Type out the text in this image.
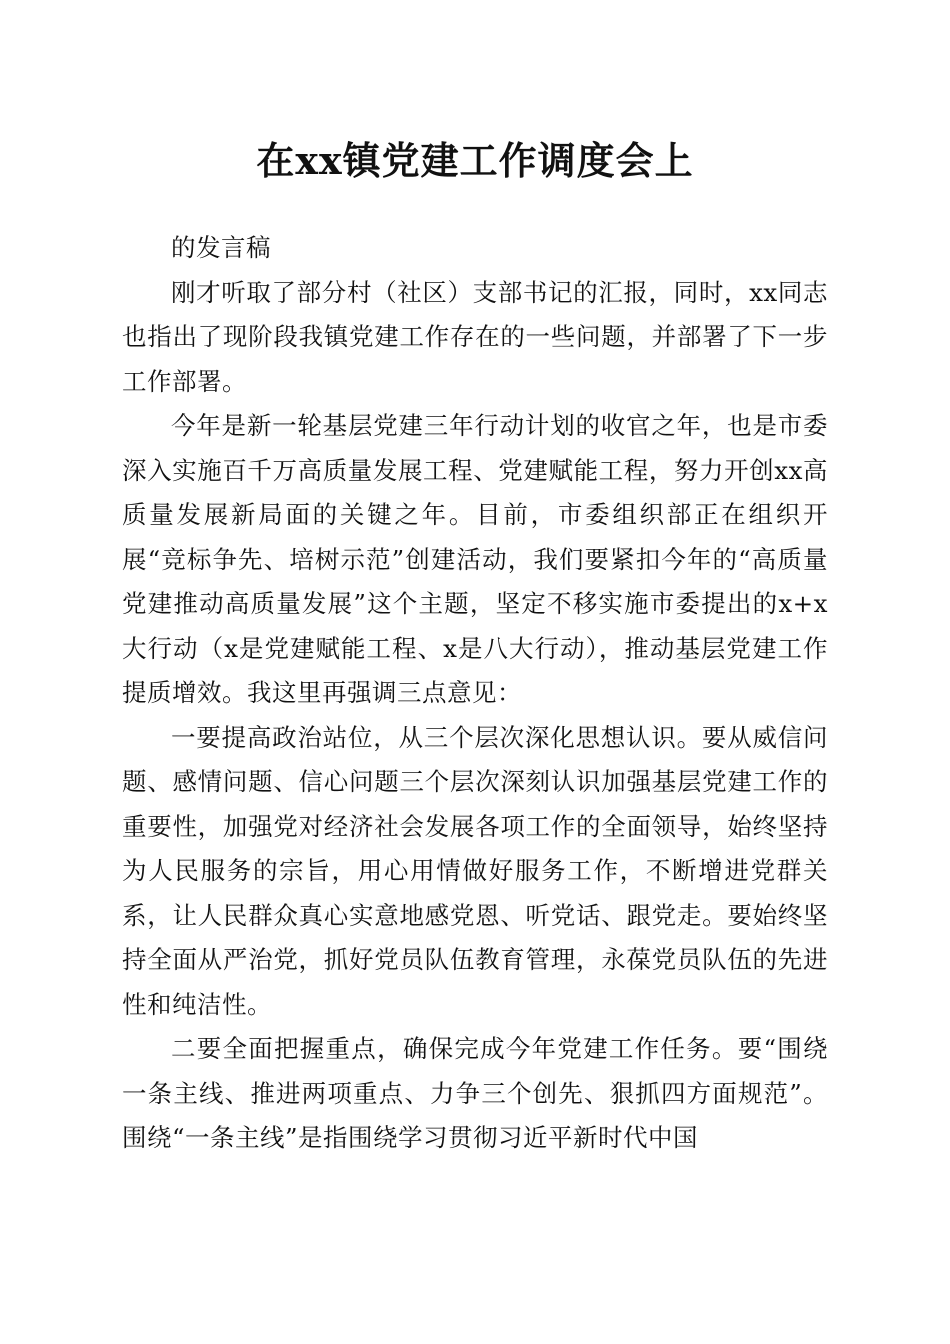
在xx镇党建工作调度会上

的发言稿

刚才听取了部分村（社区）支部书记的汇报，同时，xx同志也指出了现阶段我镇党建工作存在的一些问题，并部署了下一步工作部署。

今年是新一轮基层党建三年行动计划的收官之年，也是市委深入实施百千万高质量发展工程、党建赋能工程，努力开创xx高质量发展新局面的关键之年。目前，市委组织部正在组织开展“竞标争先、培树示范”创建活动，我们要紧扣今年的“高质量党建推动高质量发展”这个主题，坚定不移实施市委提出的x+x大行动（x是党建赋能工程、x是八大行动），推动基层党建工作提质增效。我这里再强调三点意见：

一要提高政治站位，从三个层次深化思想认识。要从威信问题、感情问题、信心问题三个层次深刻认识加强基层党建工作的重要性，加强党对经济社会发展各项工作的全面领导，始终坚持为人民服务的宗旨，用心用情做好服务工作，不断增进党群关系，让人民群众真心实意地感党恩、听党话、跟党走。要始终坚持全面从严治党，抓好党员队伍教育管理，永葆党员队伍的先进性和纯洁性。

二要全面把握重点，确保完成今年党建工作任务。要“围绕一条主线、推进两项重点、力争三个创先、狠抓四方面规范”。围绕“一条主线”是指围绕学习贯彻习近平新时代中国
